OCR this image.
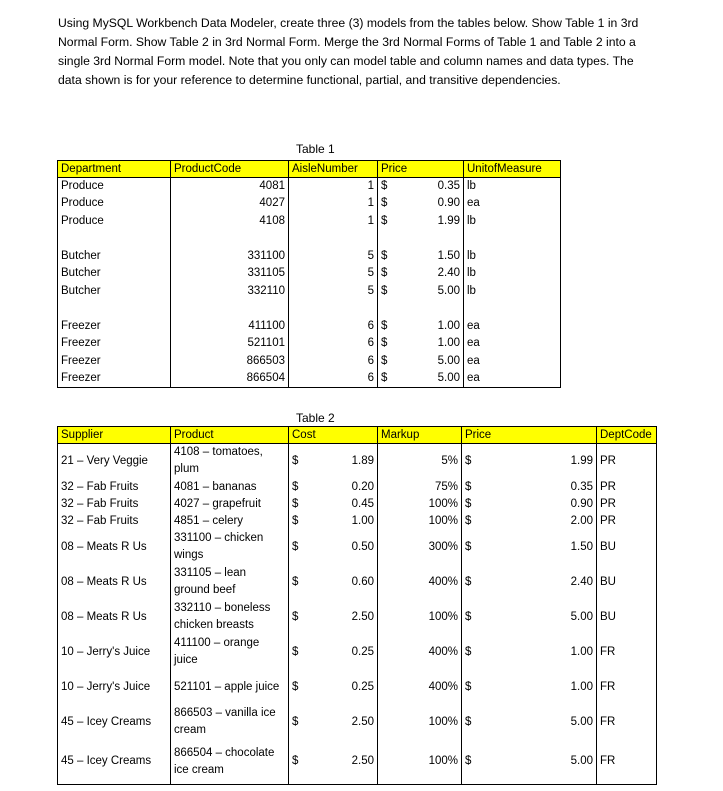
Using MySQL Workbench Data Modeler, create three (3) models from the tables below. Show Table 1 in 3rd Normal Form. Show Table 2 in 3rd Normal Form. Merge the 3rd Normal Forms of Table 1 and Table 2 into a single 3rd Normal Form model. Note that you only can model table and column names and data types. The data shown is for your reference to determine functional, partial, and transitive dependencies.
Table 1
Department	ProductCode	AisleNumber	Price		UnitofMeasure
Produce	4081	1	$	0.35	lb
Produce	4027	1	$	0.90	ea
Produce	4108	1	$	1.99	lb

Butcher	331100	5	$	1.50	lb
Butcher	331105	5	$	2.40	lb
Butcher	332110	5	$	5.00	lb

Freezer	411100	6	$	1.00	ea
Freezer	521101	6	$	1.00	ea
Freezer	866503	6	$	5.00	ea
Freezer	866504	6	$	5.00	ea
Table 2
Supplier	Product	Cost		Markup	Price		DeptCode
21 – Very Veggie	4108 – tomatoes, plum	$	1.89	5%	$	1.99	PR
32 – Fab Fruits	4081 – bananas	$	0.20	75%	$	0.35	PR
32 – Fab Fruits	4027 – grapefruit	$	0.45	100%	$	0.90	PR
32 – Fab Fruits	4851 – celery	$	1.00	100%	$	2.00	PR
08 – Meats R Us	331100 – chicken wings	$	0.50	300%	$	1.50	BU
08 – Meats R Us	331105 – lean ground beef	$	0.60	400%	$	2.40	BU
08 – Meats R Us	332110 – boneless chicken breasts	$	2.50	100%	$	5.00	BU
10 – Jerry's Juice	411100 – orange juice	$	0.25	400%	$	1.00	FR
10 – Jerry's Juice	521101 – apple juice	$	0.25	400%	$	1.00	FR
45 – Icey Creams	866503 – vanilla ice cream	$	2.50	100%	$	5.00	FR
45 – Icey Creams	866504 – chocolate ice cream	$	2.50	100%	$	5.00	FR
